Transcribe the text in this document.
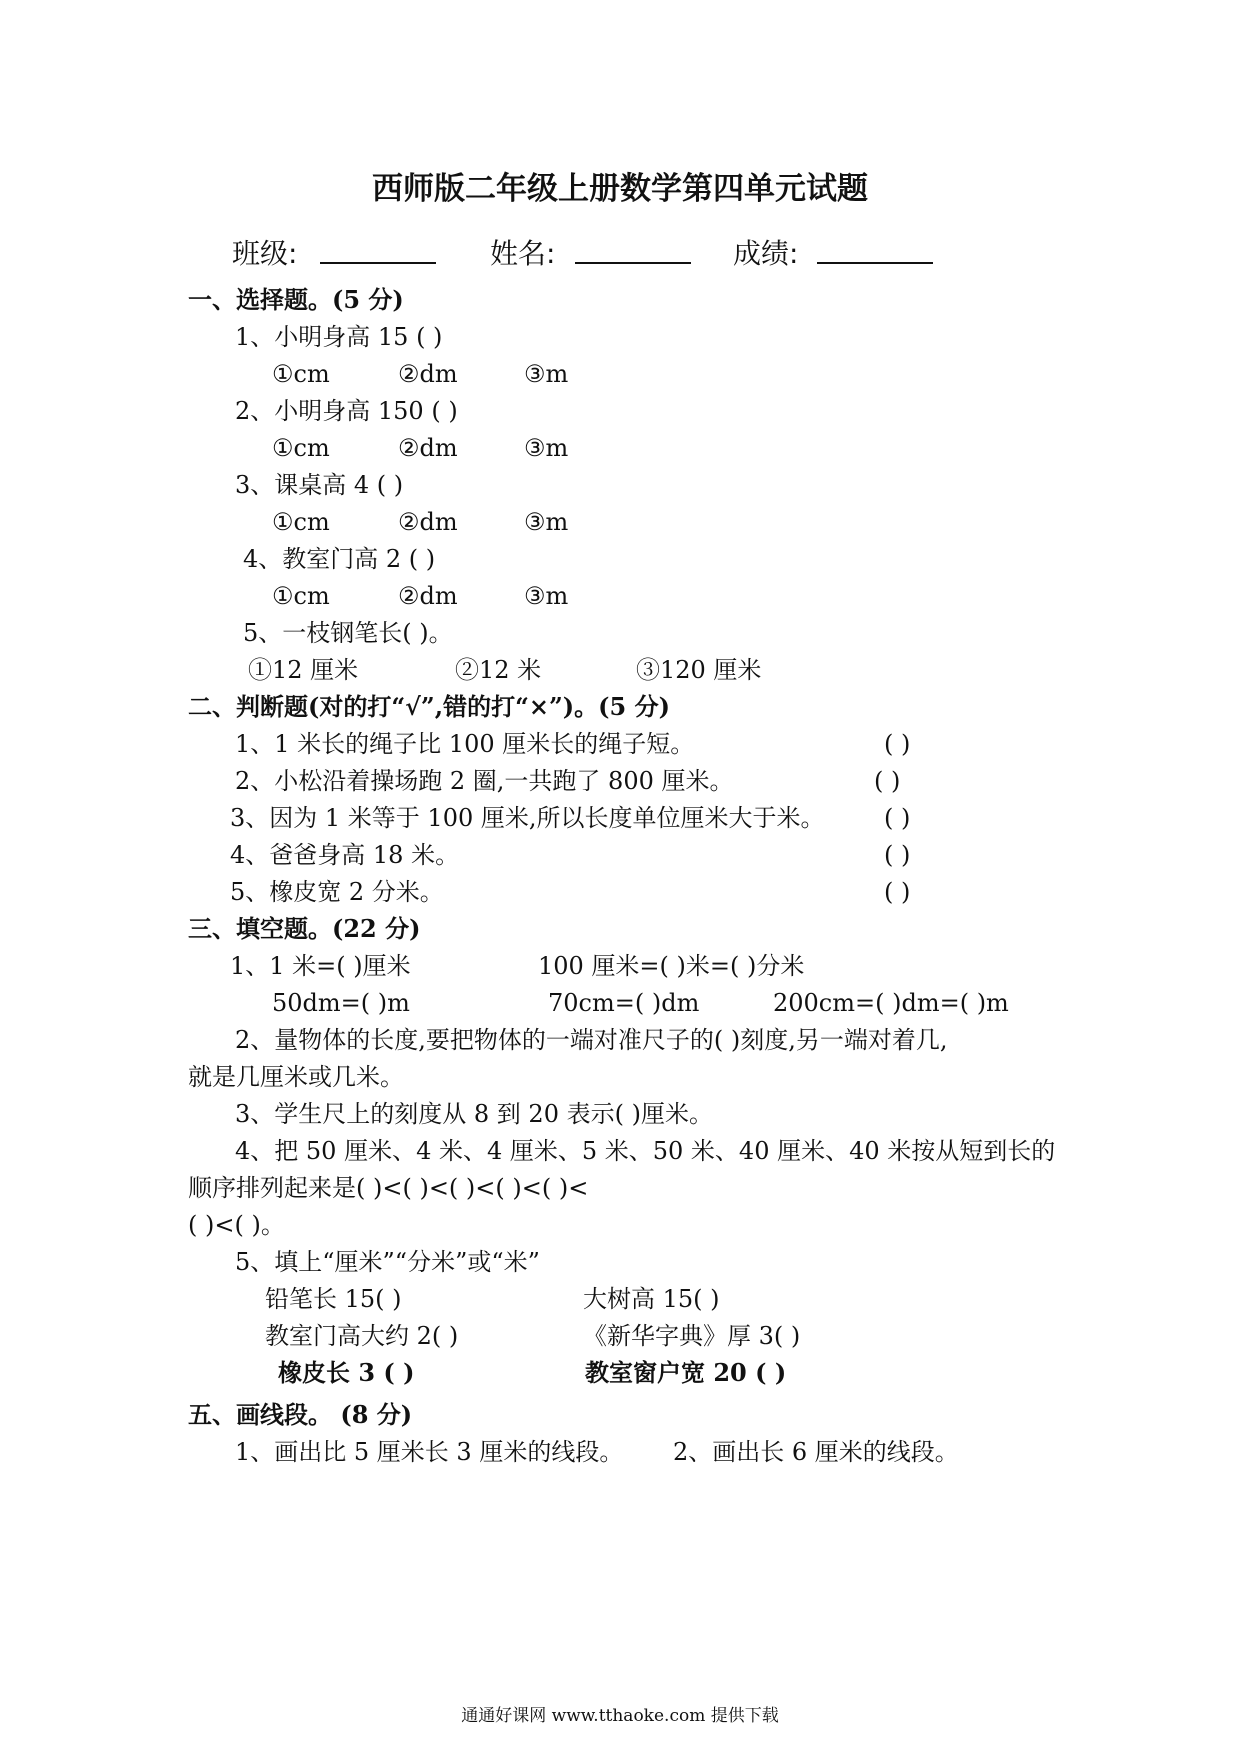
西师版二年级上册数学第四单元试题
班级:	姓名:	成绩:
一、选择题。(5 分)
1、小明身高 15 ( )
①cm	②dm	③m
2、小明身高 150 ( )
①cm	②dm	③m
3、课桌高 4 ( )
①cm	②dm	③m
4、教室门高 2 ( )
①cm	②dm	③m
5、一枝钢笔长( )。
①12 厘米	②12 米	③120 厘米
二、判断题(对的打“√”,错的打“×”)。(5 分)
1、1 米长的绳子比 100 厘米长的绳子短。	( )
2、小松沿着操场跑 2 圈,一共跑了 800 厘米。	( )
3、因为 1 米等于 100 厘米,所以长度单位厘米大于米。 ( )
4、爸爸身高 18 米。	( )
5、橡皮宽 2 分米。	( )
三、填空题。(22 分)
1、1 米=( )厘米	100 厘米=( )米=( )分米
50dm=( )m	70cm=( )dm	200cm=( )dm=( )m
2、量物体的长度,要把物体的一端对准尺子的( )刻度,另一端对着几,
就是几厘米或几米。
3、学生尺上的刻度从 8 到 20 表示( )厘米。
4、把 50 厘米、4 米、4 厘米、5 米、50 米、40 厘米、40 米按从短到长的
顺序排列起来是( )<( )<( )<( )<( )<
( )<( )。
5、填上“厘米”“分米”或“米”
铅笔长 15( )	大树高 15( )
教室门高大约 2( )	《新华字典》厚 3( )
橡皮长 3 ( )	教室窗户宽 20 ( )
五、画线段。 (8 分)
1、画出比 5 厘米长 3 厘米的线段。 2、画出长 6 厘米的线段。
通通好课网 www.tthaoke.com 提供下载
